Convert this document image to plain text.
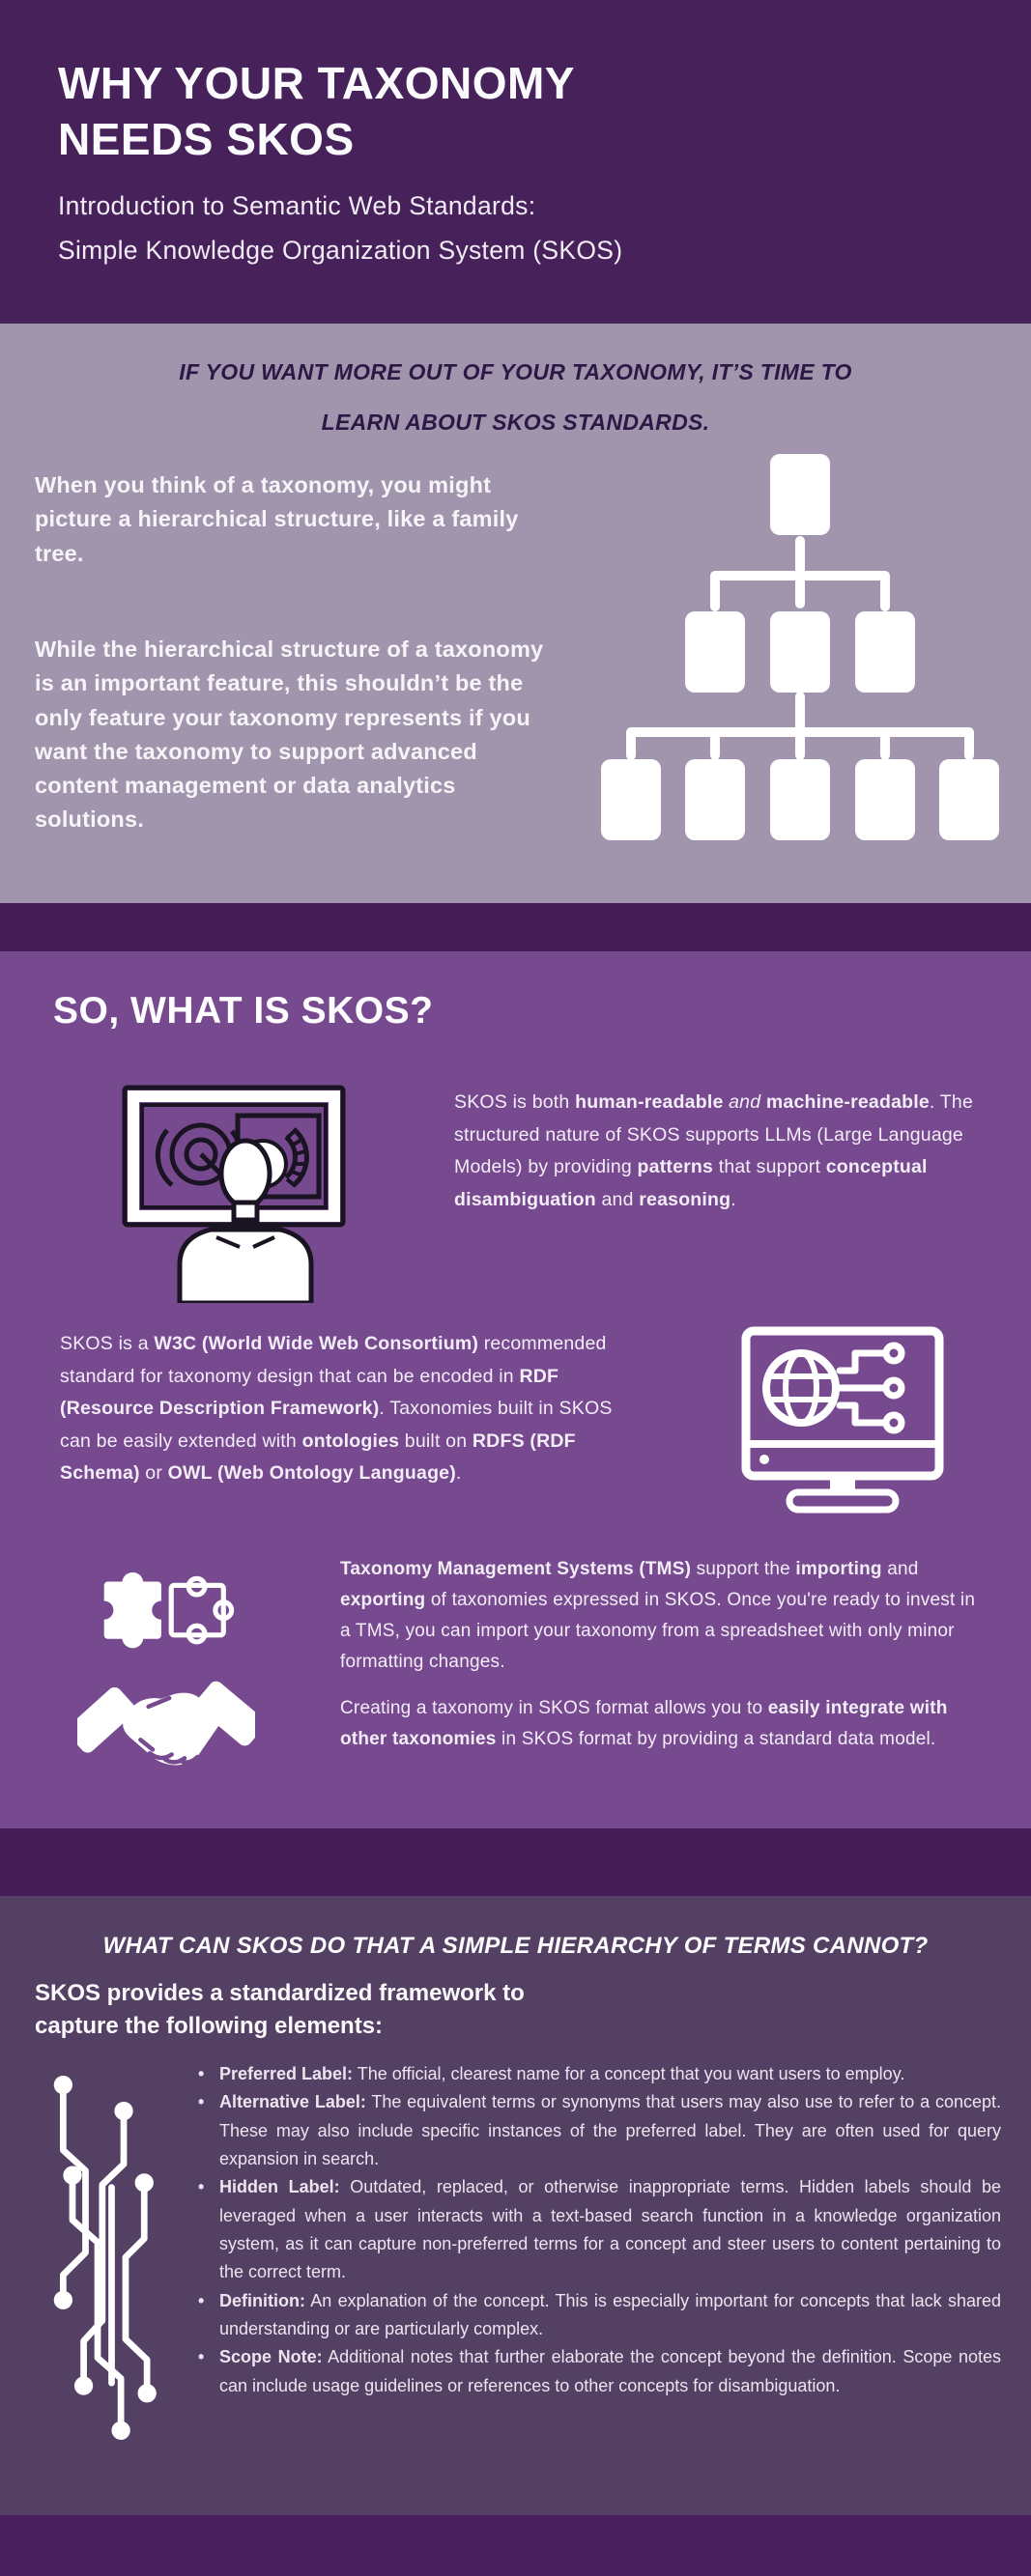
WHY YOUR TAXONOMY NEEDS SKOS
Introduction to Semantic Web Standards:
Simple Knowledge Organization System (SKOS)
IF YOU WANT MORE OUT OF YOUR TAXONOMY, IT’S TIME TO
LEARN ABOUT SKOS STANDARDS.

When you think of a taxonomy, you might picture a hierarchical structure, like a family tree.

While the hierarchical structure of a taxonomy is an important feature, this shouldn’t be the only feature your taxonomy represents if you want the taxonomy to support advanced content management or data analytics solutions.

SO, WHAT IS SKOS?

SKOS is both human-readable and machine-readable. The structured nature of SKOS supports LLMs (Large Language Models) by providing patterns that support conceptual disambiguation and reasoning.

SKOS is a W3C (World Wide Web Consortium) recommended standard for taxonomy design that can be encoded in RDF (Resource Description Framework). Taxonomies built in SKOS can be easily extended with ontologies built on RDFS (RDF Schema) or OWL (Web Ontology Language).

Taxonomy Management Systems (TMS) support the importing and exporting of taxonomies expressed in SKOS. Once you're ready to invest in a TMS, you can import your taxonomy from a spreadsheet with only minor formatting changes.
Creating a taxonomy in SKOS format allows you to easily integrate with other taxonomies in SKOS format by providing a standard data model.
WHAT CAN SKOS DO THAT A SIMPLE HIERARCHY OF TERMS CANNOT?

SKOS provides a standardized framework to capture the following elements:

• Preferred Label: The official, clearest name for a concept that you want users to employ.
• Alternative Label: The equivalent terms or synonyms that users may also use to refer to a concept. These may also include specific instances of the preferred label. They are often used for query expansion in search.
• Hidden Label: Outdated, replaced, or otherwise inappropriate terms. Hidden labels should be leveraged when a user interacts with a text-based search function in a knowledge organization system, as it can capture non-preferred terms for a concept and steer users to content pertaining to the correct term.
• Definition: An explanation of the concept. This is especially important for concepts that lack shared understanding or are particularly complex.
• Scope Note: Additional notes that further elaborate the concept beyond the definition. Scope notes can include usage guidelines or references to other concepts for disambiguation.
